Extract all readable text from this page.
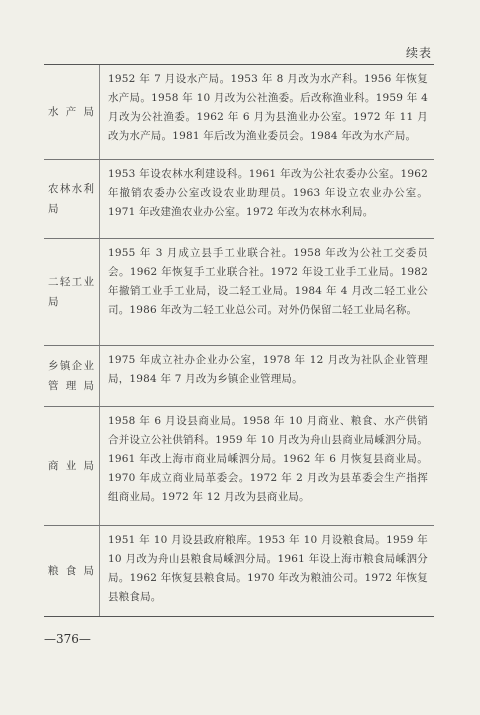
续表
水产局
1952 年 7 月设水产局。1953 年 8 月改为水产科。1956 年恢复水产局。1958 年 10 月改为公社渔委。后改称渔业科。1959 年 4 月改为公社渔委。1962 年 6 月为县渔业办公室。1972 年 11 月改为水产局。1981 年后改为渔业委员会。1984 年改为水产局。
农林水利局
1953 年设农林水利建设科。1961 年改为公社农委办公室。1962 年撤销农委办公室改设农业助理员。1963 年设立农业办公室。1971 年改建渔农业办公室。1972 年改为农林水利局。
二轻工业局
1955 年 3 月成立县手工业联合社。1958 年改为公社工交委员会。1962 年恢复手工业联合社。1972 年设工业手工业局。1982 年撤销工业手工业局，设二轻工业局。1984 年 4 月改二轻工业公司。1986 年改为二轻工业总公司。对外仍保留二轻工业局名称。
乡镇企业管理局
1975 年成立社办企业办公室，1978 年 12 月改为社队企业管理局，1984 年 7 月改为乡镇企业管理局。
商业局
1958 年 6 月设县商业局。1958 年 10 月商业、粮食、水产供销合并设立公社供销科。1959 年 10 月改为舟山县商业局嵊泗分局。1961 年改上海市商业局嵊泗分局。1962 年 6 月恢复县商业局。1970 年成立商业局革委会。1972 年 2 月改为县革委会生产指挥组商业局。1972 年 12 月改为县商业局。
粮食局
1951 年 10 月设县政府粮库。1953 年 10 月设粮食局。1959 年 10 月改为舟山县粮食局嵊泗分局。1961 年设上海市粮食局嵊泗分局。1962 年恢复县粮食局。1970 年改为粮油公司。1972 年恢复县粮食局。
—376—
